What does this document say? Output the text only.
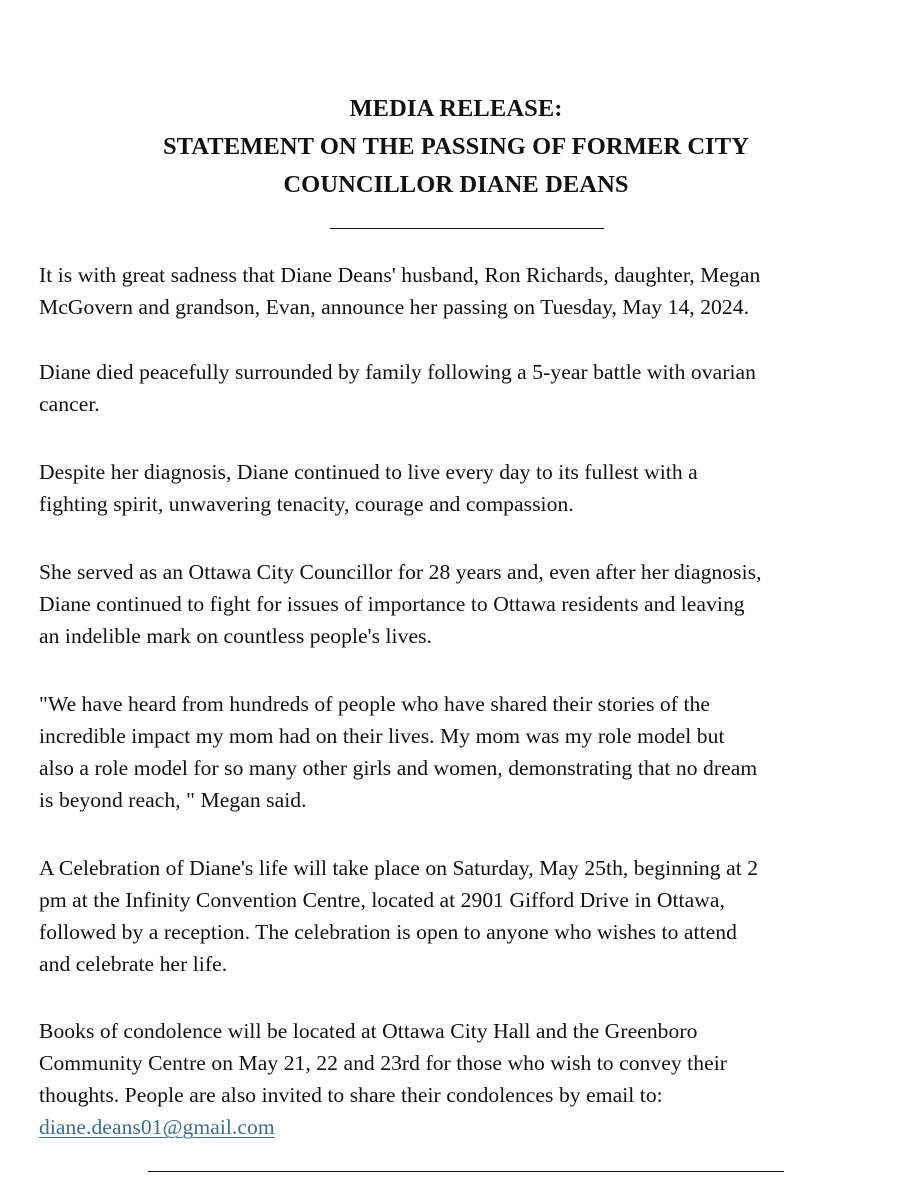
MEDIA RELEASE:
STATEMENT ON THE PASSING OF FORMER CITY
COUNCILLOR DIANE DEANS

It is with great sadness that Diane Deans' husband, Ron Richards, daughter, Megan
McGovern and grandson, Evan, announce her passing on Tuesday, May 14, 2024.

Diane died peacefully surrounded by family following a 5-year battle with ovarian
cancer.

Despite her diagnosis, Diane continued to live every day to its fullest with a
fighting spirit, unwavering tenacity, courage and compassion.

She served as an Ottawa City Councillor for 28 years and, even after her diagnosis,
Diane continued to fight for issues of importance to Ottawa residents and leaving
an indelible mark on countless people's lives.

"We have heard from hundreds of people who have shared their stories of the
incredible impact my mom had on their lives. My mom was my role model but
also a role model for so many other girls and women, demonstrating that no dream
is beyond reach, " Megan said.

A Celebration of Diane's life will take place on Saturday, May 25th, beginning at 2
pm at the Infinity Convention Centre, located at 2901 Gifford Drive in Ottawa,
followed by a reception. The celebration is open to anyone who wishes to attend
and celebrate her life.

Books of condolence will be located at Ottawa City Hall and the Greenboro
Community Centre on May 21, 22 and 23rd for those who wish to convey their
thoughts. People are also invited to share their condolences by email to:
diane.deans01@gmail.com
